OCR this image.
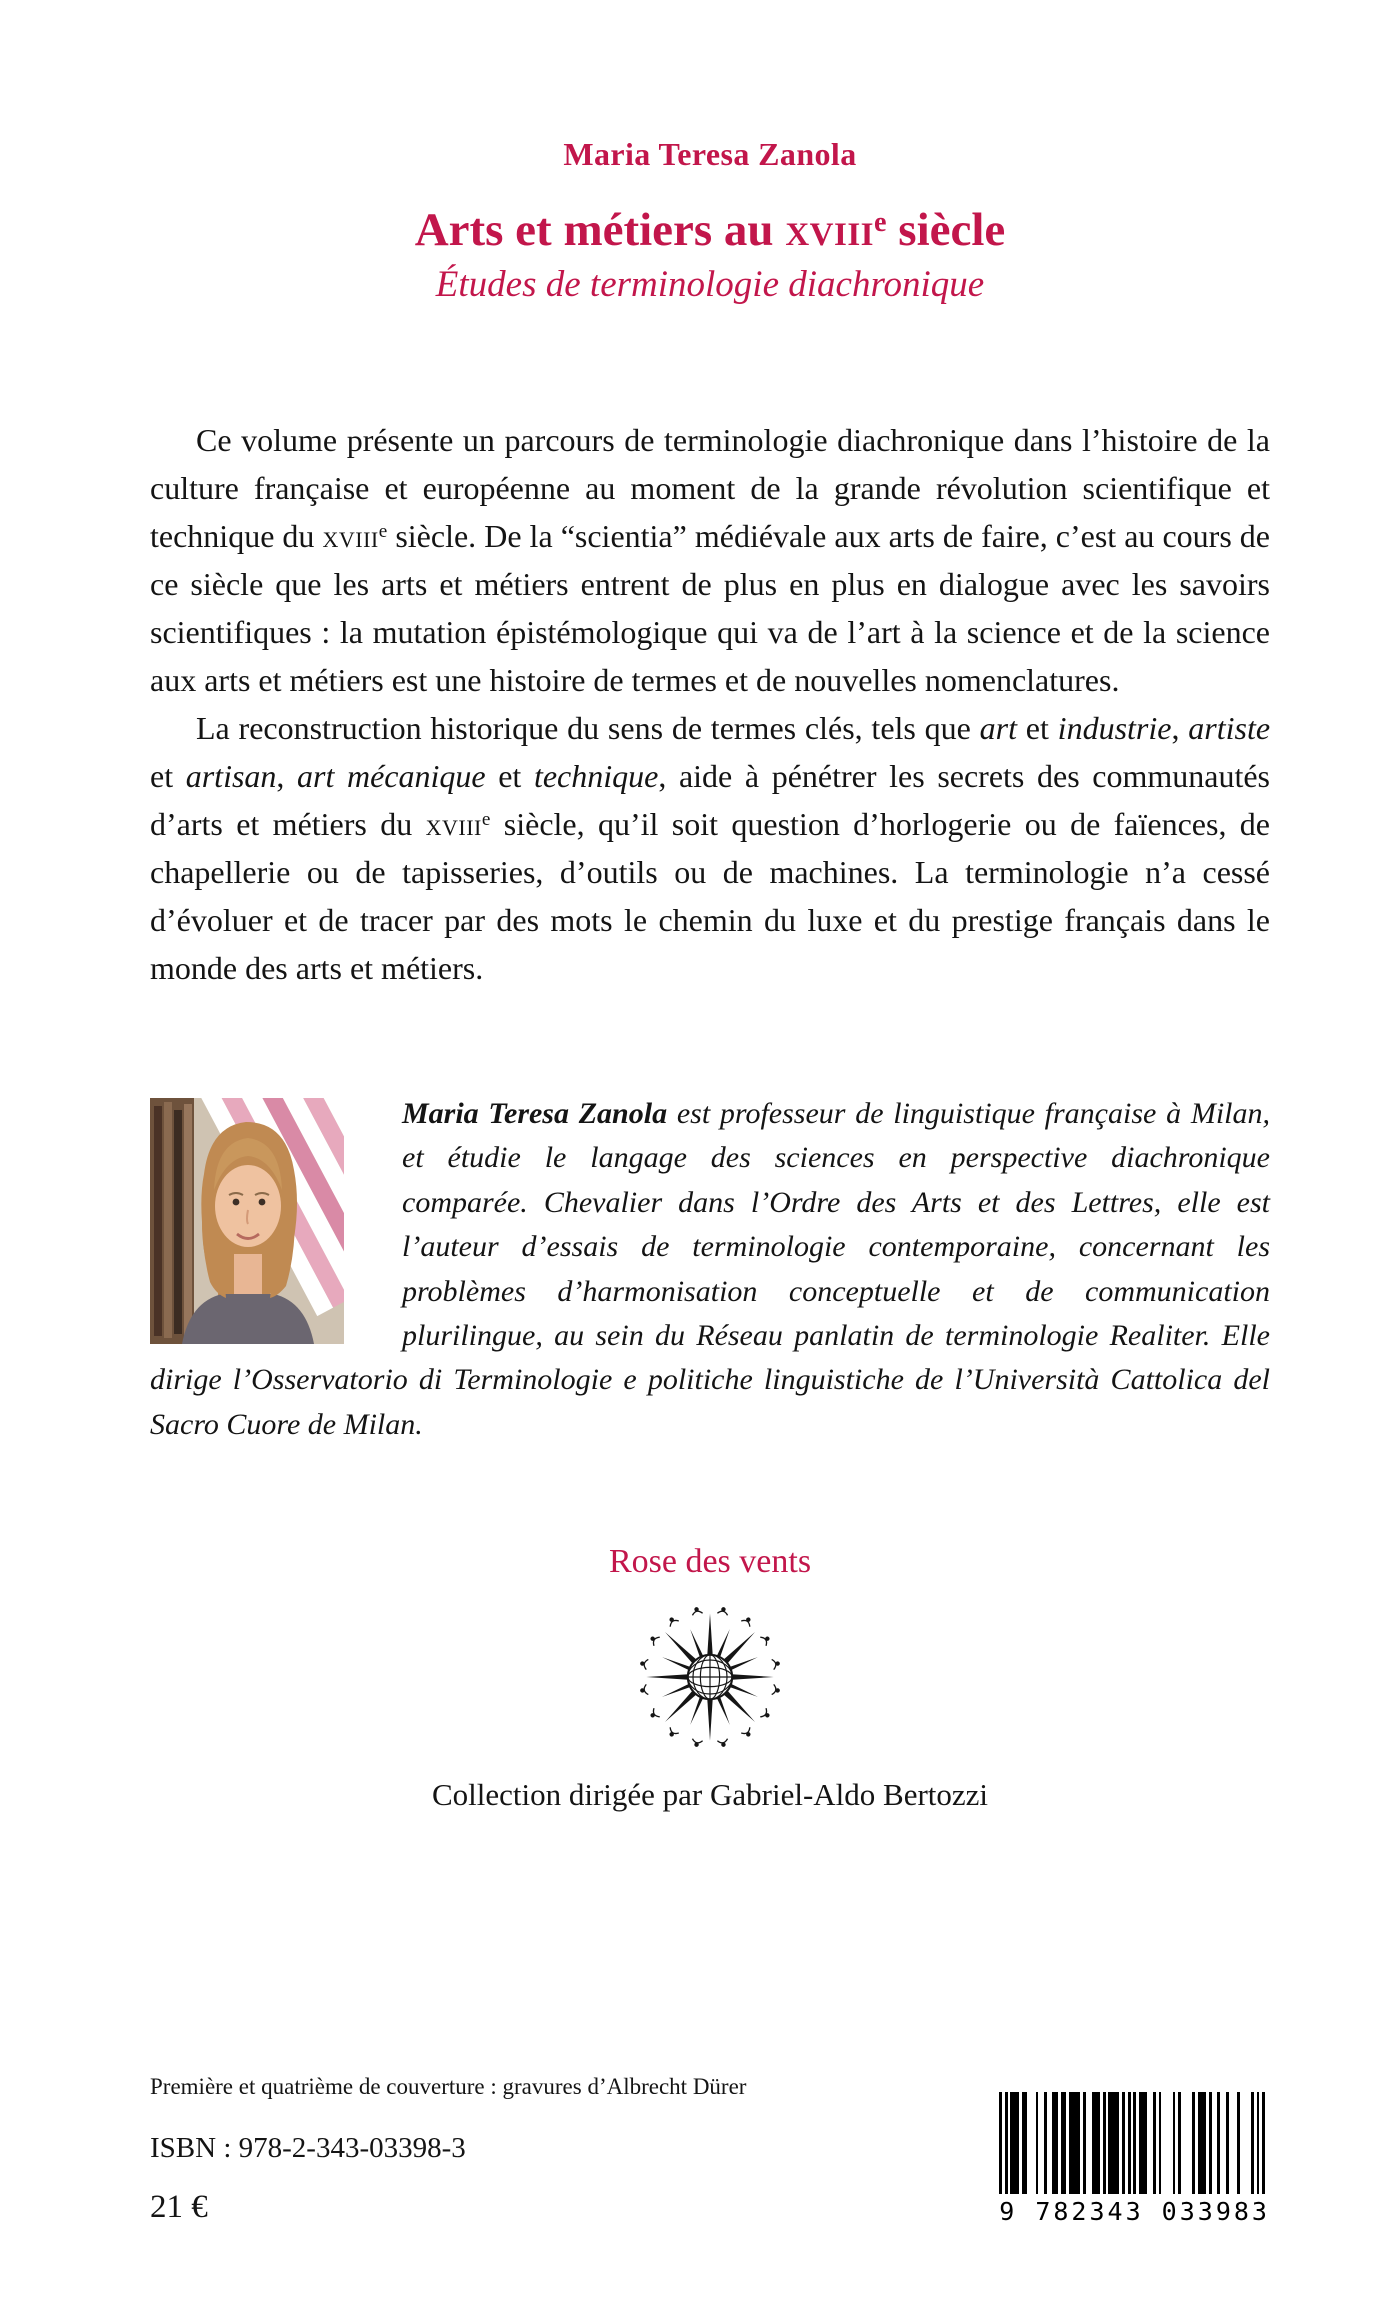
Maria Teresa Zanola
Arts et métiers au xviii$^e$ siècle
Études de terminologie diachronique

Ce volume présente un parcours de terminologie diachronique dans l’histoire de la culture française et européenne au moment de la grande révolution scientifique et technique du xviii$^e$ siècle. De la “scientia” médiévale aux arts de faire, c’est au cours de ce siècle que les arts et métiers entrent de plus en plus en dialogue avec les savoirs scientifiques : la mutation épistémologique qui va de l’art à la science et de la science aux arts et métiers est une histoire de termes et de nouvelles nomenclatures.

La reconstruction historique du sens de termes clés, tels que art et industrie, artiste et artisan, art mécanique et technique, aide à pénétrer les secrets des communautés d’arts et métiers du xviii$^e$ siècle, qu’il soit question d’horlogerie ou de faïences, de chapellerie ou de tapisseries, d’outils ou de machines. La terminologie n’a cessé d’évoluer et de tracer par des mots le chemin du luxe et du prestige français dans le monde des arts et métiers.

Maria Teresa Zanola est professeur de linguistique française à Milan, et étudie le langage des sciences en perspective diachronique comparée. Chevalier dans l’Ordre des Arts et des Lettres, elle est l’auteur d’essais de terminologie contemporaine, concernant les problèmes d’harmonisation conceptuelle et de communication plurilingue, au sein du Réseau panlatin de terminologie Realiter. Elle dirige l’Osservatorio di Terminologie e politiche linguistiche de l’Università Cattolica del Sacro Cuore de Milan.

Rose des vents
Collection dirigée par Gabriel-Aldo Bertozzi
Première et quatrième de couverture : gravures d’Albrecht Dürer
ISBN : 978-2-343-03398-3
21 €	9 782343 033983
